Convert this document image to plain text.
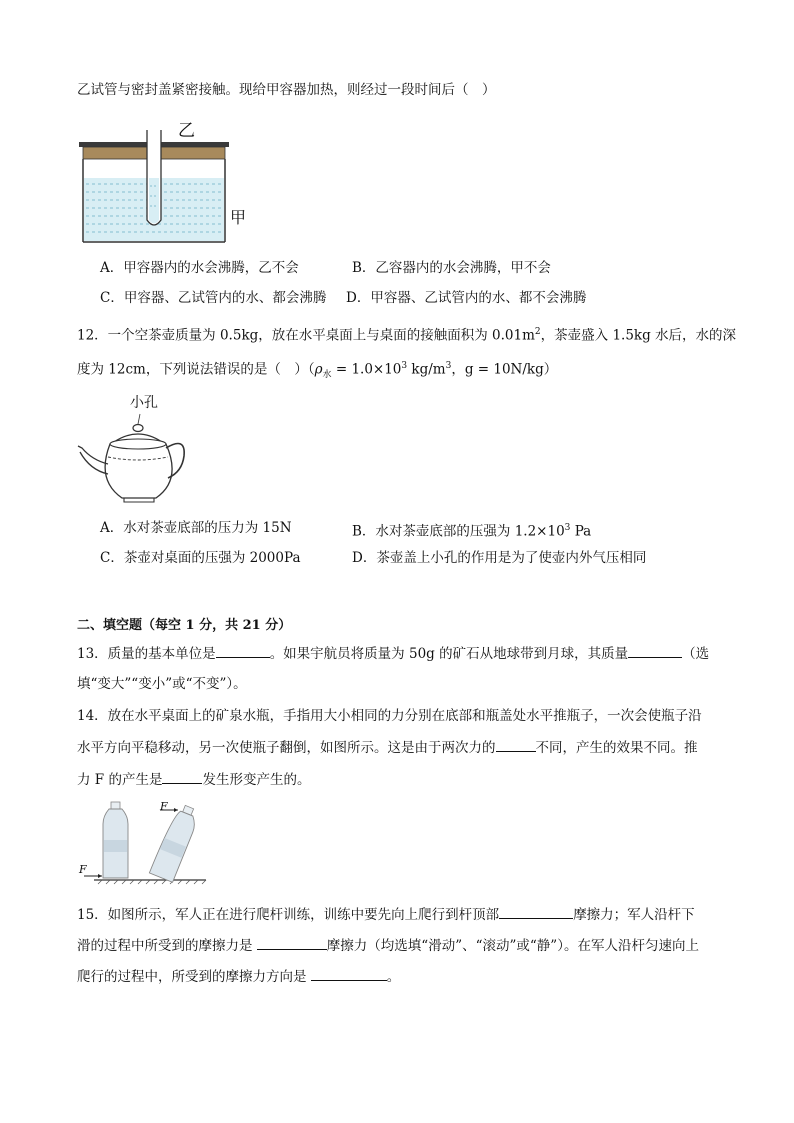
乙试管与密封盖紧密接触。现给甲容器加热，则经过一段时间后（　）
乙
甲
A．甲容器内的水会沸腾，乙不会	B．乙容器内的水会沸腾，甲不会
C．甲容器、乙试管内的水、都会沸腾 D．甲容器、乙试管内的水、都不会沸腾
12．一个空茶壶质量为 0.5kg，放在水平桌面上与桌面的接触面积为 $0.01m^2$，茶壶盛入 1.5kg 水后，水的深
度为 12cm，下列说法错误的是（　）（$\rho_水 = 1.0\times 10^3$ $kg/m^3$，g = 10N/kg）
小孔
A．水对茶壶底部的压力为 15N	B．水对茶壶底部的压强为 $1.2\times 10^3$ Pa
C．茶壶对桌面的压强为 2000Pa	D．茶壶盖上小孔的作用是为了使壶内外气压相同
二、填空题（每空 1 分，共 21 分）
13．质量的基本单位是	。如果宇航员将质量为 50g 的矿石从地球带到月球，其质量	（选
填“变大”“变小”或“不变”）。
14．放在水平桌面上的矿泉水瓶，手指用大小相同的力分别在底部和瓶盖处水平推瓶子，一次会使瓶子沿
水平方向平稳移动，另一次使瓶子翻倒，如图所示。这是由于两次力的	不同，产生的效果不同。推
力 F 的产生是	发生形变产生的。
F
F
15．如图所示，军人正在进行爬杆训练，训练中要先向上爬行到杆顶部	摩擦力；军人沿杆下
滑的过程中所受到的摩擦力是	摩擦力（均选填“滑动”、“滚动”或“静”）。在军人沿杆匀速向上
爬行的过程中，所受到的摩擦力方向是	。
